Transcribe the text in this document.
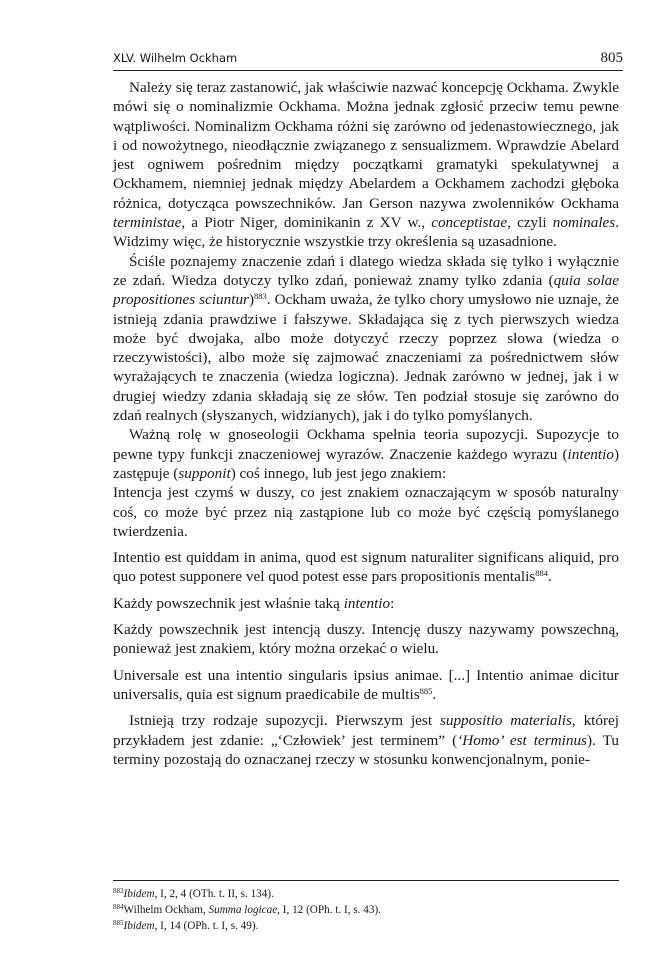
XLV. Wilhelm Ockham	805

Należy się teraz zastanowić, jak właściwie nazwać koncepcję Ockhama. Zwykle mówi się o nominalizmie Ockhama. Można jednak zgłosić przeciw temu pewne wątpliwości. Nominalizm Ockhama różni się zarówno od jedenastowiecznego, jak i od nowożytnego, nieodłącznie związanego z sensualizmem. Wprawdzie Abelard jest ogniwem pośrednim między początkami gramatyki spekulatywnej a Ockhamem, niemniej jednak między Abelardem a Ockhamem zachodzi głęboka różnica, dotycząca powszechników. Jan Gerson nazywa zwolenników Ockhama terministae, a Piotr Niger, dominikanin z XV w., conceptistae, czyli nominales. Widzimy więc, że historycznie wszystkie trzy określenia są uzasadnione.

Ściśle poznajemy znaczenie zdań i dlatego wiedza składa się tylko i wyłącznie ze zdań. Wiedza dotyczy tylko zdań, ponieważ znamy tylko zdania (quia solae propositiones sciuntur)$^{883}$. Ockham uważa, że tylko chory umysłowo nie uznaje, że istnieją zdania prawdziwe i fałszywe. Składająca się z tych pierwszych wiedza może być dwojaka, albo może dotyczyć rzeczy poprzez słowa (wiedza o rzeczywistości), albo może się zajmować znaczeniami za pośrednictwem słów wyrażających te znaczenia (wiedza logiczna). Jednak zarówno w jednej, jak i w drugiej wiedzy zdania składają się ze słów. Ten podział stosuje się zarówno do zdań realnych (słyszanych, widzianych), jak i do tylko pomyślanych.

Ważną rolę w gnoseologii Ockhama spełnia teoria supozycji. Supozycje to pewne typy funkcji znaczeniowej wyrazów. Znaczenie każdego wyrazu (intentio) zastępuje (supponit) coś innego, lub jest jego znakiem:

Intencja jest czymś w duszy, co jest znakiem oznaczającym w sposób naturalny coś, co może być przez nią zastąpione lub co może być częścią pomyślanego twierdzenia.

Intentio est quiddam in anima, quod est signum naturaliter significans aliquid, pro quo potest supponere vel quod potest esse pars propositionis mentalis$^{884}$.

Każdy powszechnik jest właśnie taką intentio:

Każdy powszechnik jest intencją duszy. Intencję duszy nazywamy powszechną, ponieważ jest znakiem, który można orzekać o wielu.

Universale est una intentio singularis ipsius animae. [...] Intentio animae dicitur universalis, quia est signum praedicabile de multis$^{885}$.

Istnieją trzy rodzaje supozycji. Pierwszym jest suppositio materialis, której przykładem jest zdanie: „‘Człowiek’ jest terminem” (‘Homo’ est terminus). Tu terminy pozostają do oznaczanej rzeczy w stosunku konwencjonalnym, ponie-

$^{883}$Ibidem, I, 2, 4 (OTh. t. II, s. 134).
$^{884}$Wilhelm Ockham, Summa logicae, I, 12 (OPh. t. I, s. 43).
$^{885}$Ibidem, I, 14 (OPh. t. I, s. 49).
